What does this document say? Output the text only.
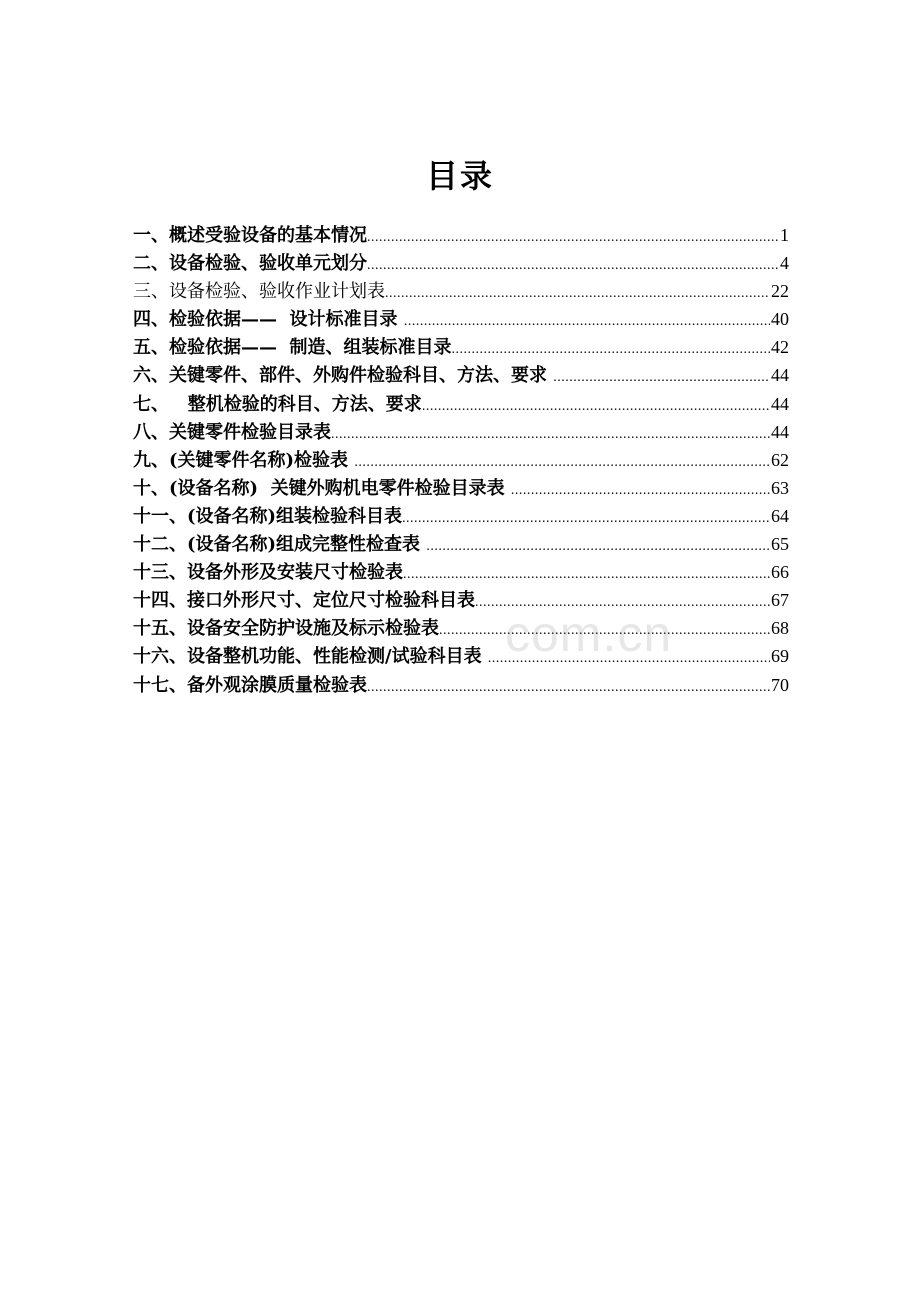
目录
一、概述受验设备的基本情况 .....	1
二、设备检验、验收单元划分 .....	4
三、设备检验、验收作业计划表 .....	22
四、检验依据——  设计标准目录 .....	40
五、检验依据——  制造、组装标准目录 .....	42
六、关键零件、部件、外购件检验科目、方法、要求 .....	44
七、   整机检验的科目、方法、要求 .....	44
八、关键零件检验目录表 .....	44
九、(关键零件名称)检验表 .....	62
十、(设备名称)  关键外购机电零件检验目录表 .....	63
十一、(设备名称)组装检验科目表 .....	64
十二、(设备名称)组成完整性检查表 .....	65
十三、设备外形及安装尺寸检验表 .....	66
十四、接口外形尺寸、定位尺寸检验科目表 .....	67
十五、设备安全防护设施及标示检验表 .....	68
十六、设备整机功能、性能检测/试验科目表 .....	69
十七、备外观涂膜质量检验表 .....	70
com.cn
